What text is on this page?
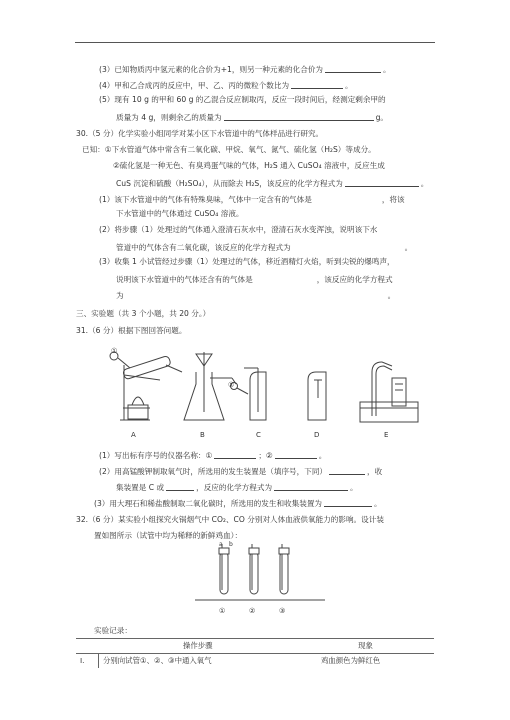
(3）已知物质丙中氢元素的化合价为+1，则另一种元素的化合价为	。
(4）甲和乙合成丙的反应中，甲、乙、丙的微粒个数比为	。
(5）现有 10 g 的甲和 60 g 的乙混合反应制取丙，反应一段时间后，经测定剩余甲的
质量为 4 g，则剩余乙的质量为	g。
30.（5 分）化学实验小组同学对某小区下水管道中的气体样品进行研究。
已知：①下水管道气体中常含有二氧化碳、甲烷、氧气、氮气、硫化氢（H₂S）等成分。
②硫化氢是一种无色、有臭鸡蛋气味的气体，H₂S 通入 CuSO₄ 溶液中，反应生成
CuS 沉淀和硫酸（H₂SO₄），从而除去 H₂S，该反应的化学方程式为	。
(1）该下水管道中的气体有特殊臭味，气体中一定含有的气体是	，将该
下水管道中的气体通过 CuSO₄ 溶液。
(2）将步骤（1）处理过的气体通入澄清石灰水中，澄清石灰水变浑浊，说明该下水
管道中的气体含有二氧化碳，该反应的化学方程式为	。
(3）收集 1 小试管经过步骤（1）处理过的气体，移近酒精灯火焰，听到尖锐的爆鸣声，
说明该下水管道中的气体还含有的气体是	，该反应的化学方程式
为	。
三、实验题（共 3 个小题，共 20 分。）
31.（6 分）根据下图回答问题。
①
②
A	B	C	D	E
(1）写出标有序号的仪器名称：①	；②	。
(2）用高锰酸钾制取氧气时，所选用的发生装置是（填序号，下同）	，收
集装置是 C 或	，反应的化学方程式为	。
(3）用大理石和稀盐酸制取二氧化碳时，所选用的发生和收集装置为	。
32.（6 分）某实验小组探究火锅烟气中 CO₂、CO 分别对人体血液供氧能力的影响。设计装
置如图所示（试管中均为稀释的新鲜鸡血）：
a b
①	②	③
实验记录：
	操作步骤	现象
I.	分别向试管①、②、③中通入氧气	鸡血颜色为鲜红色
